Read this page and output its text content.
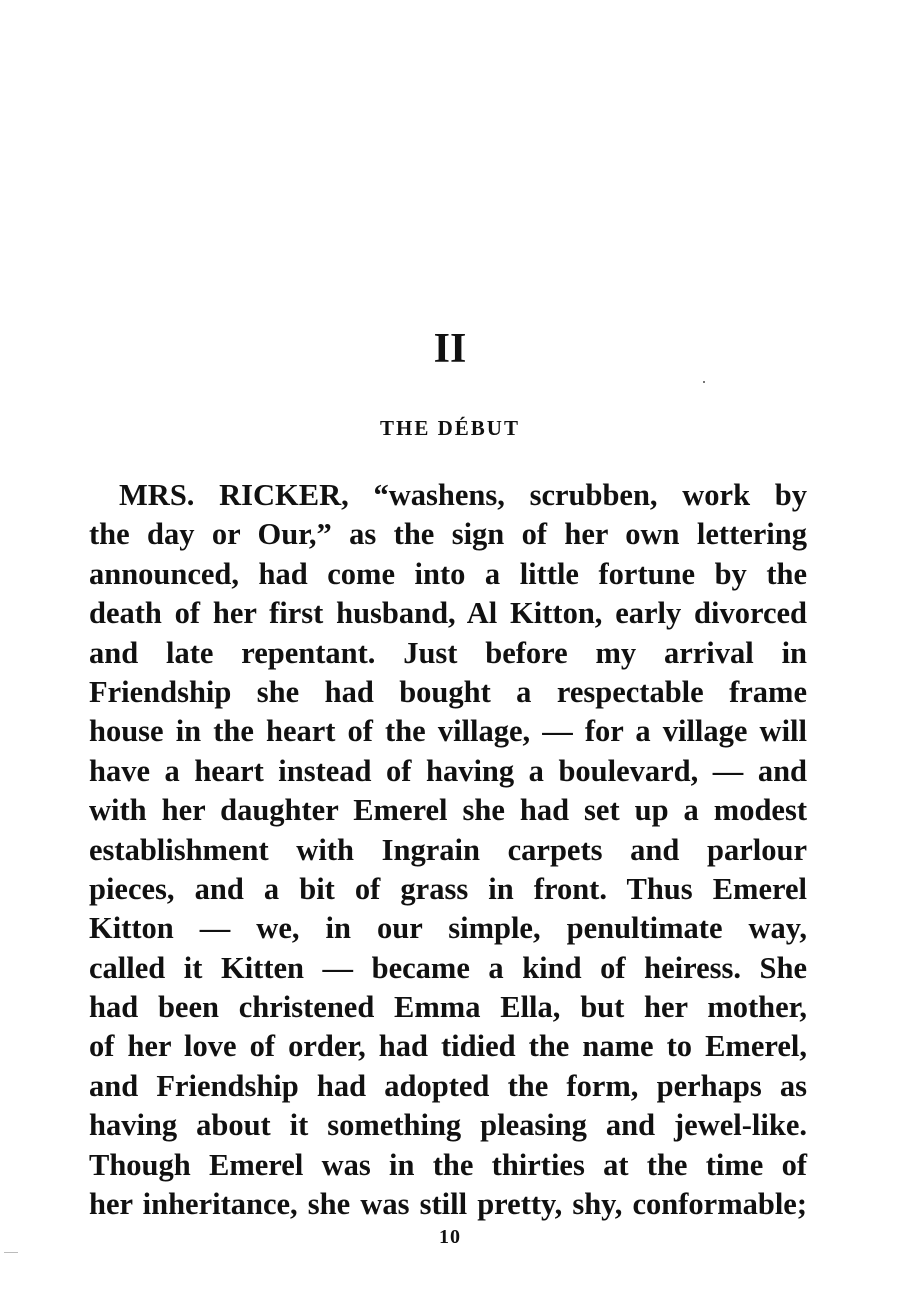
II
THE DÉBUT
MRS. RICKER, “washens, scrubben, work by
the day or Our,” as the sign of her own lettering
announced, had come into a little fortune by the
death of her first husband, Al Kitton, early divorced
and late repentant. Just before my arrival in
Friendship she had bought a respectable frame
house in the heart of the village, — for a village will
have a heart instead of having a boulevard, — and
with her daughter Emerel she had set up a modest
establishment with Ingrain carpets and parlour
pieces, and a bit of grass in front. Thus Emerel
Kitton — we, in our simple, penultimate way,
called it Kitten — became a kind of heiress. She
had been christened Emma Ella, but her mother,
of her love of order, had tidied the name to Emerel,
and Friendship had adopted the form, perhaps as
having about it something pleasing and jewel-like.
Though Emerel was in the thirties at the time of
her inheritance, she was still pretty, shy, conformable;
10
